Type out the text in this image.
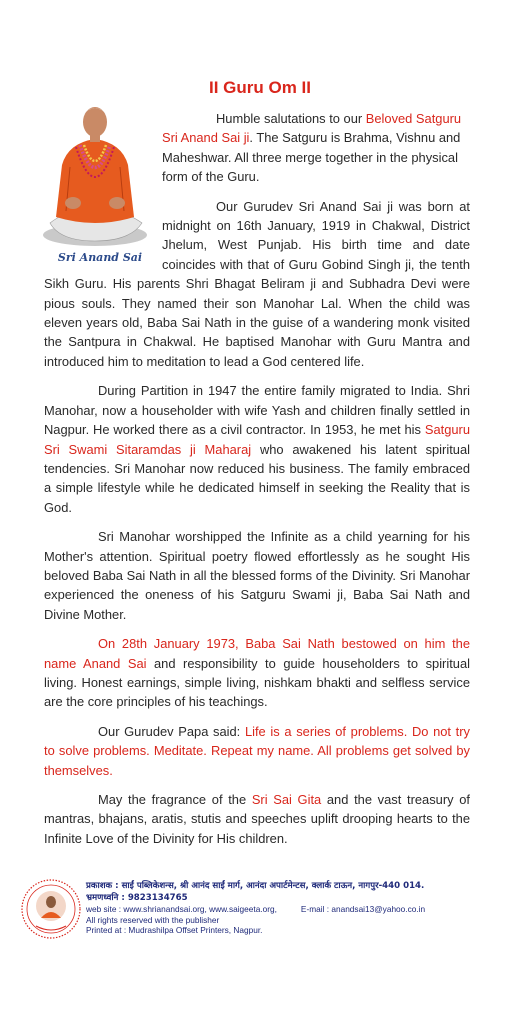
II Guru Om II
Sri Anand Sai

Humble salutations to our Beloved Satguru Sri Anand Sai ji. The Satguru is Brahma, Vishnu and Maheshwar. All three merge together in the physical form of the Guru.

Our Gurudev Sri Anand Sai ji was born at midnight on 16th January, 1919 in Chakwal, District Jhelum, West Punjab. His birth time and date coincides with that of Guru Gobind Singh ji, the tenth Sikh Guru. His parents Shri Bhagat Beliram ji and Subhadra Devi were pious souls. They named their son Manohar Lal. When the child was eleven years old, Baba Sai Nath in the guise of a wandering monk visited the Santpura in Chakwal. He baptised Manohar with Guru Mantra and introduced him to meditation to lead a God centered life.

During Partition in 1947 the entire family migrated to India. Shri Manohar, now a householder with wife Yash and children finally settled in Nagpur. He worked there as a civil contractor. In 1953, he met his Satguru Sri Swami Sitaramdas ji Maharaj who awakened his latent spiritual tendencies. Sri Manohar now reduced his business. The family embraced a simple lifestyle while he dedicated himself in seeking the Reality that is God.

Sri Manohar worshipped the Infinite as a child yearning for his Mother's attention. Spiritual poetry flowed effortlessly as he sought His beloved Baba Sai Nath in all the blessed forms of the Divinity. Sri Manohar experienced the oneness of his Satguru Swami ji, Baba Sai Nath and Divine Mother.

On 28th January 1973, Baba Sai Nath bestowed on him the name Anand Sai and responsibility to guide householders to spiritual living. Honest earnings, simple living, nishkam bhakti and selfless service are the core principles of his teachings.

Our Gurudev Papa said: Life is a series of problems. Do not try to solve problems. Meditate. Repeat my name. All problems get solved by themselves.

May the fragrance of the Sri Sai Gita and the vast treasury of mantras, bhajans, aratis, stutis and speeches uplift drooping hearts to the Infinite Love of the Divinity for His children.

प्रकाशक : साईं पब्लिकेशन्स, श्री आनंद साईं मार्ग, आनंदा अपार्टमेन्टस, क्लार्क टाऊन, नागपुर-440 014.
भ्रमणध्वनि : 9823134765
web site : www.shrianandsai.org, www.saigeeta.org,	E-mail : anandsai13@yahoo.co.in
All rights reserved with the publisher
Printed at : Mudrashilpa Offset Printers, Nagpur.
